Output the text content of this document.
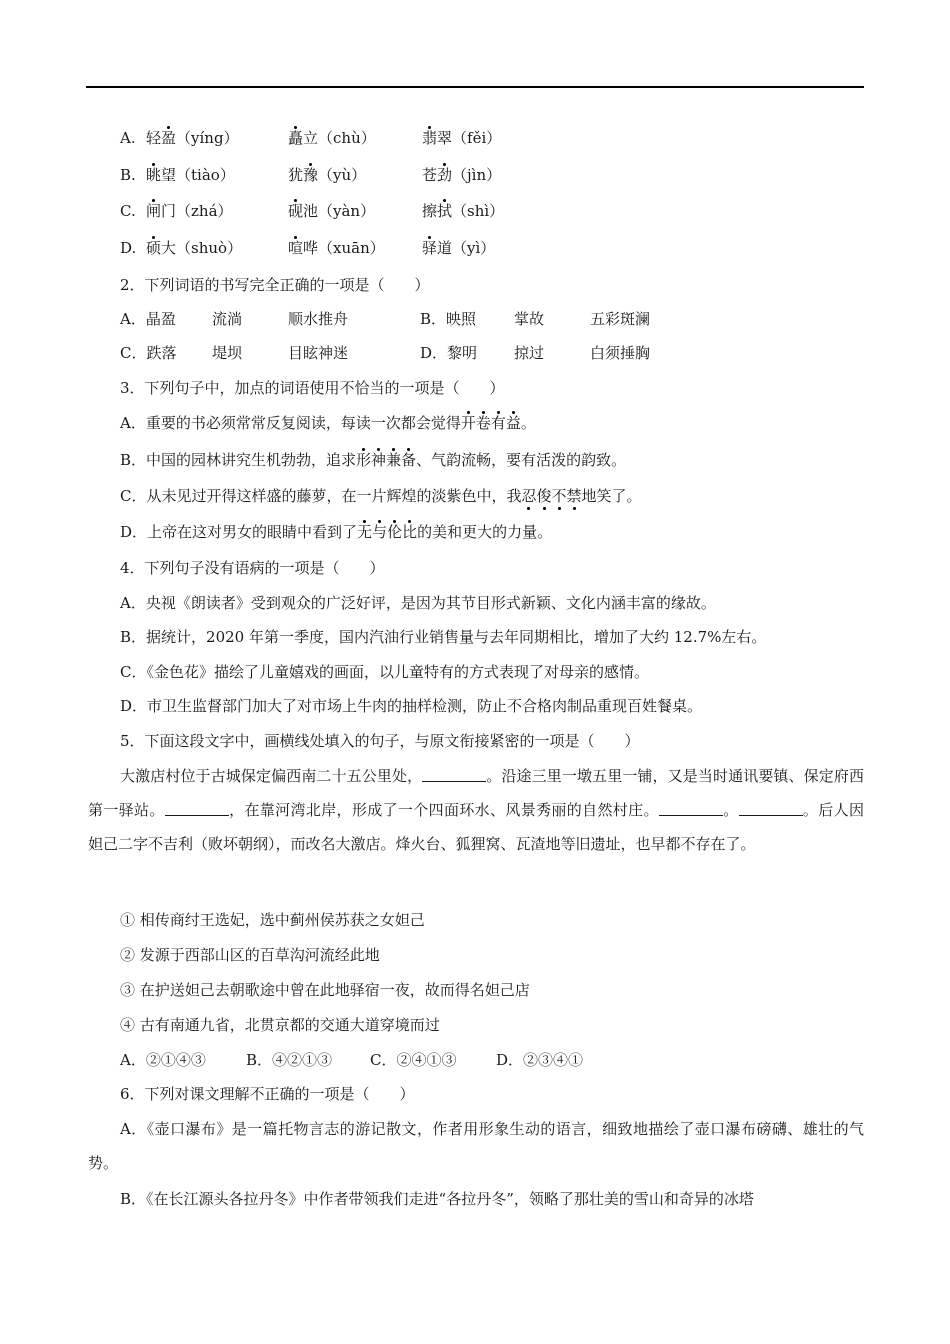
A. 轻盈（yíng）	矗立（chù）	翡翠（fěi）
B. 眺望（tiào）	犹豫（yù）	苍劲（jìn）
C. 闸门（zhá）	砚池（yàn）	擦拭（shì）
D. 硕大（shuò）	喧哗（xuān） 驿道（yì）
2．下列词语的书写完全正确的一项是（　　）
A．晶盈 流淌	顺水推舟	B．映照	掌故	五彩斑澜
C．跌落 堤坝	目眩神迷	D．黎明 掠过	白须捶胸
3．下列句子中，加点的词语使用不恰当的一项是（　　）
A．重要的书必须常常反复阅读，每读一次都会觉得开卷有益。
B．中国的园林讲究生机勃勃，追求形神兼备、气韵流畅，要有活泼的韵致。
C．从未见过开得这样盛的藤萝，在一片辉煌的淡紫色中，我忍俊不禁地笑了。
D．上帝在这对男女的眼睛中看到了无与伦比的美和更大的力量。
4．下列句子没有语病的一项是（　　）
A．央视《朗读者》受到观众的广泛好评，是因为其节目形式新颖、文化内涵丰富的缘故。
B．据统计，2020 年第一季度，国内汽油行业销售量与去年同期相比，增加了大约 12.7%左右。
C．《金色花》描绘了儿童嬉戏的画面，以儿童特有的方式表现了对母亲的感情。
D．市卫生监督部门加大了对市场上牛肉的抽样检测，防止不合格肉制品重现百姓餐桌。
5．下面这段文字中，画横线处填入的句子，与原文衔接紧密的一项是（　　）
大激店村位于古城保定偏西南二十五公里处，	。沿途三里一墩五里一铺，又是当时通讯要镇、保定府西第一驿站。	，在靠河湾北岸，形成了一个四面环水、风景秀丽的自然村庄。	。	。后人因妲己二字不吉利（败坏朝纲），而改名大激店。烽火台、狐狸窝、瓦渣地等旧遗址，也早都不存在了。
① 相传商纣王选妃，选中蓟州侯苏获之女妲己
② 发源于西部山区的百草沟河流经此地
③ 在护送妲己去朝歌途中曾在此地驿宿一夜，故而得名妲己店
④ 古有南通九省，北贯京都的交通大道穿境而过
A．②①④③	B．④②①③	C．②④①③	D．②③④①
6．下列对课文理解不正确的一项是（　　）
A．《壶口瀑布》是一篇托物言志的游记散文，作者用形象生动的语言，细致地描绘了壶口瀑布磅礴、雄壮的气势。
B．《在长江源头各拉丹冬》中作者带领我们走进“各拉丹冬”，领略了那壮美的雪山和奇异的冰塔
